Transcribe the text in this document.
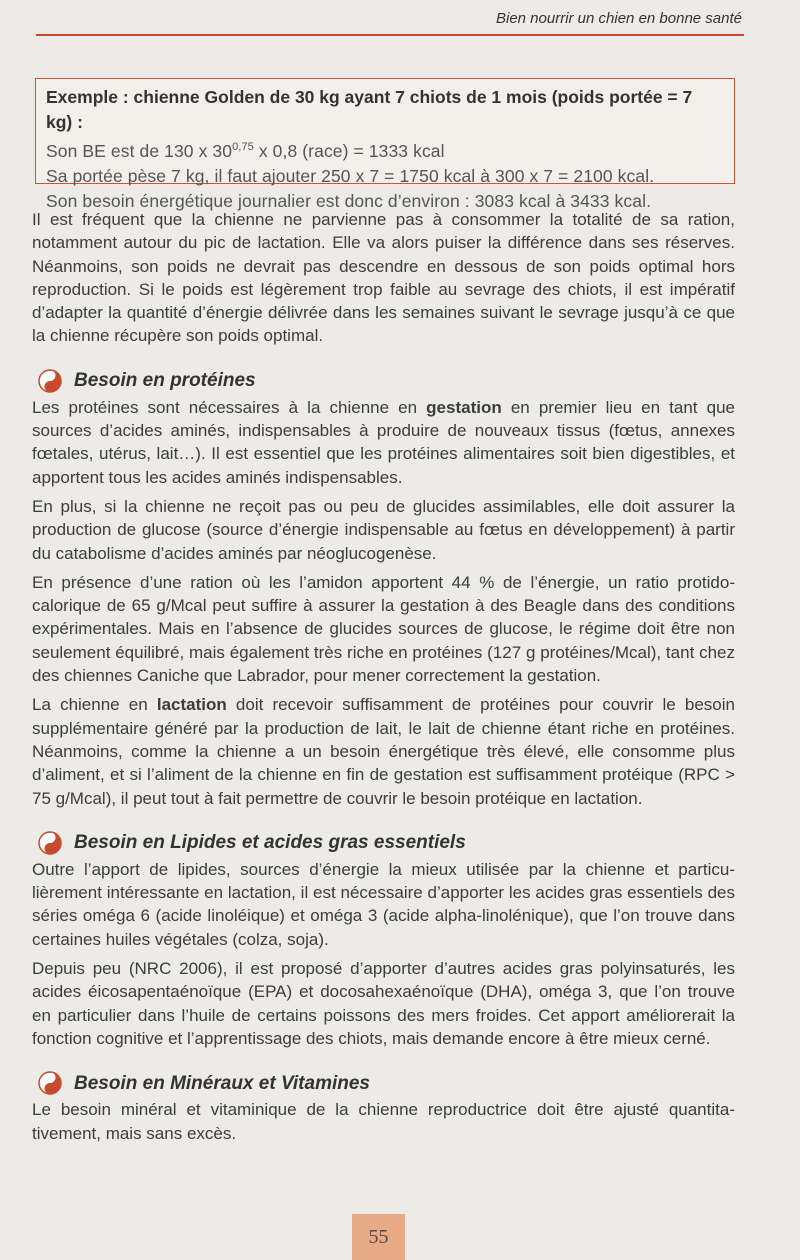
Bien nourrir un chien en bonne santé

Exemple : chienne Golden de 30 kg ayant 7 chiots de 1 mois (poids portée = 7 kg) :

Son BE est de 130 x 30$^{0,75}$ x 0,8 (race) = 1333 kcal

Sa portée pèse 7 kg, il faut ajouter 250 x 7 = 1750 kcal à 300 x 7 = 2100 kcal.

Son besoin énergétique journalier est donc d’environ : 3083 kcal à 3433 kcal.

Il est fréquent que la chienne ne parvienne pas à consommer la totalité de sa ration, notamment autour du pic de lactation. Elle va alors puiser la différence dans ses réserves. Néanmoins, son poids ne devrait pas descendre en dessous de son poids optimal hors reproduction. Si le poids est légèrement trop faible au sevrage des chiots, il est impératif d’adapter la quantité d’énergie délivrée dans les semaines suivant le sevrage jusqu’à ce que la chienne récupère son poids optimal.

Besoin en protéines

Les protéines sont nécessaires à la chienne en gestation en premier lieu en tant que sources d’acides aminés, indispensables à produire de nouveaux tissus (fœtus, annexes fœtales, utérus, lait…). Il est essentiel que les protéines alimentaires soit bien digestibles, et apportent tous les acides aminés indispensables.

En plus, si la chienne ne reçoit pas ou peu de glucides assimilables, elle doit assurer la production de glucose (source d’énergie indispensable au fœtus en développement) à partir du catabolisme d’acides aminés par néoglucogenèse.

En présence d’une ration où les l’amidon apportent 44 % de l’énergie, un ratio protidocalorique de 65 g/Mcal peut suffire à assurer la gestation à des Beagle dans des conditions expérimentales. Mais en l’absence de glucides sources de glucose, le régime doit être non seulement équilibré, mais également très riche en protéines (127 g protéines/Mcal), tant chez des chiennes Caniche que Labrador, pour mener correctement la gestation.

La chienne en lactation doit recevoir suffisamment de protéines pour couvrir le besoin supplémentaire généré par la production de lait, le lait de chienne étant riche en protéines. Néanmoins, comme la chienne a un besoin énergétique très élevé, elle consomme plus d’aliment, et si l’aliment de la chienne en fin de gestation est suffisamment protéique (RPC > 75 g/Mcal), il peut tout à fait permettre de couvrir le besoin protéique en lactation.

Besoin en Lipides et acides gras essentiels

Outre l’apport de lipides, sources d’énergie la mieux utilisée par la chienne et particulièrement intéressante en lactation, il est nécessaire d’apporter les acides gras essentiels des séries oméga 6 (acide linoléique) et oméga 3 (acide alpha-linolénique), que l’on trouve dans certaines huiles végétales (colza, soja).

Depuis peu (NRC 2006), il est proposé d’apporter d’autres acides gras polyinsaturés, les acides éicosapentaénoïque (EPA) et docosahexaénoïque (DHA), oméga 3, que l’on trouve en particulier dans l’huile de certains poissons des mers froides. Cet apport améliorerait la fonction cognitive et l’apprentissage des chiots, mais demande encore à être mieux cerné.

Besoin en Minéraux et Vitamines

Le besoin minéral et vitaminique de la chienne reproductrice doit être ajusté quantitativement, mais sans excès.

55
